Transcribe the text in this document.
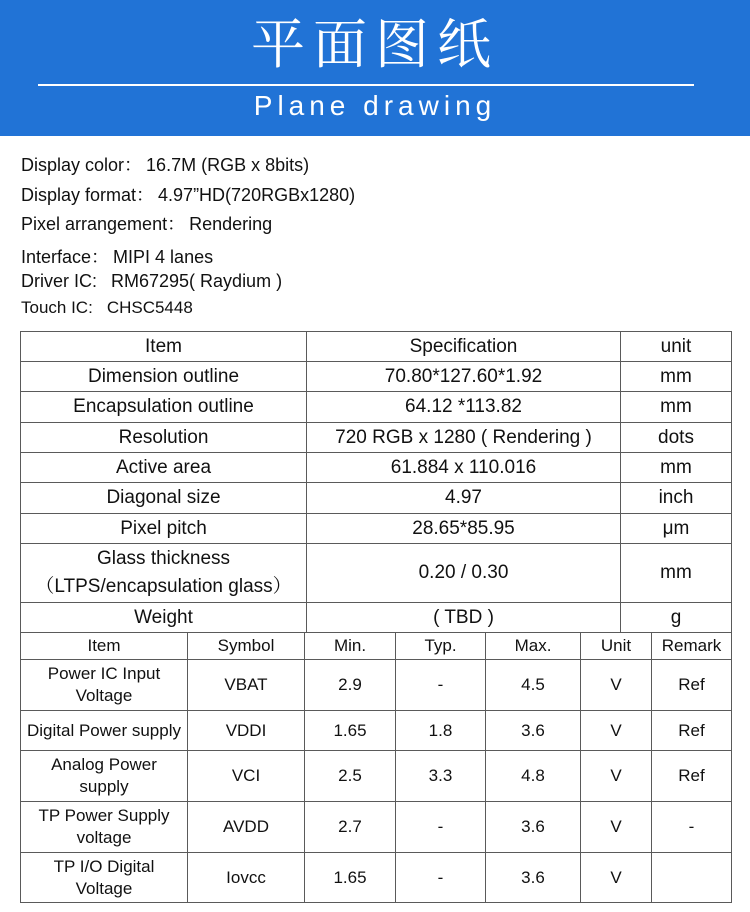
平面图纸
Plane drawing
Display color： 16.7M (RGB x 8bits)
Display format： 4.97”HD(720RGBx1280)
Pixel arrangement： Rendering
Interface： MIPI 4 lanes
Driver IC: RM67295( Raydium )
Touch IC: CHSC5448
Item	Specification	unit
Dimension outline	70.80*127.60*1.92	mm
Encapsulation outline	64.12 *113.82	mm
Resolution	720 RGB x 1280 ( Rendering )	dots
Active area	61.884 x 110.016	mm
Diagonal size	4.97	inch
Pixel pitch	28.65*85.95	μm

Glass thickness
（LTPS/encapsulation glass）	0.20 / 0.30	mm
Weight	( TBD )	g
Item	Symbol	Min.	Typ.	Max.	Unit	Remark

Power IC Input
Voltage	VBAT	2.9	-	4.5	V	Ref
Digital Power supply	VDDI	1.65	1.8	3.6	V	Ref

Analog Power
supply	VCI	2.5	3.3	4.8	V	Ref

TP Power Supply
voltage	AVDD	2.7	-	3.6	V	-

TP I/O Digital
Voltage	Iovcc	1.65	-	3.6	V	
